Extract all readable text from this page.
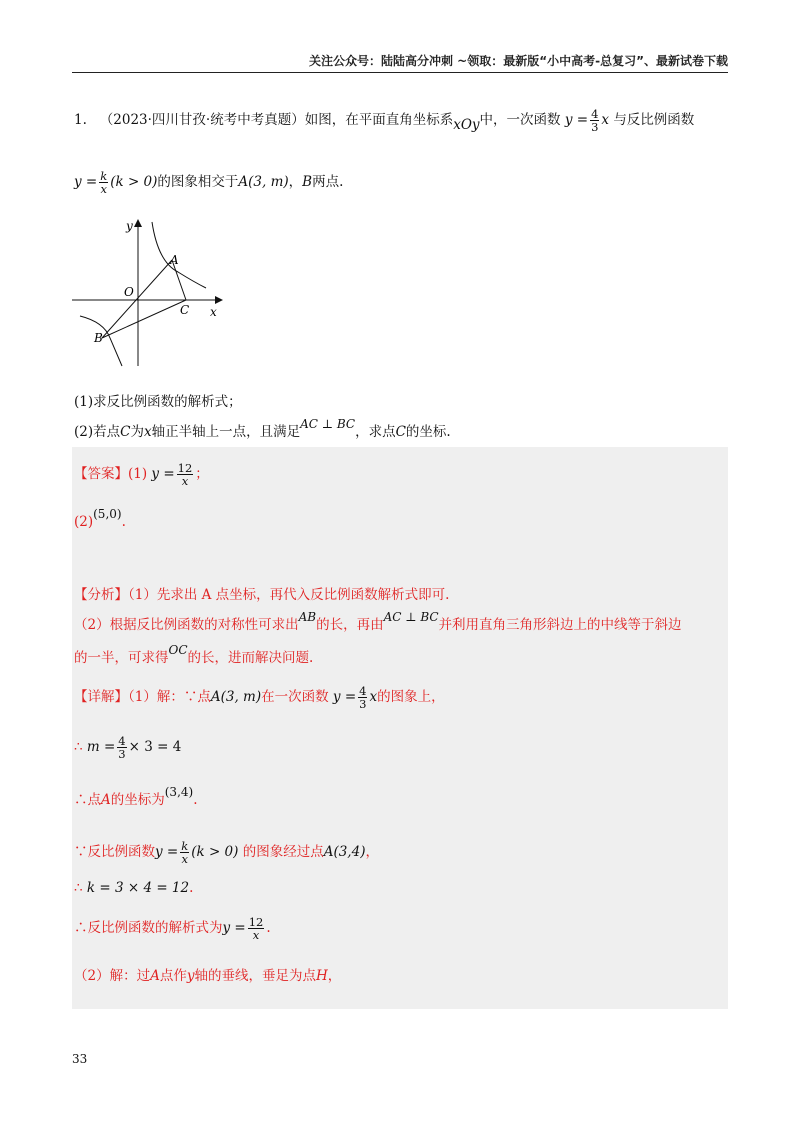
关注公众号：陆陆高分冲刺 ~领取：最新版“小中高考-总复习”、最新试卷下载
1. （2023·四川甘孜·统考中考真题）如图，在平面直角坐标系xOy中，一次函数 $y = \frac{4}{3}$ x 与反比例函数
$y = \frac{k}{x} (k > 0)$的图象相交于A(3, m)，B两点.
y
x
O
A
B
C
(1)求反比例函数的解析式；
(2)若点C为x轴正半轴上一点，且满足AC ⊥ BC，求点C的坐标.
【答案】(1) $y = \frac{12}{x}$ ；
(2)(5,0).
【分析】（1）先求出 A 点坐标，再代入反比例函数解析式即可.
（2）根据反比例函数的对称性可求出AB的长，再由AC ⊥ BC并利用直角三角形斜边上的中线等于斜边
的一半，可求得OC的长，进而解决问题.
【详解】（1）解：∵点A(3, m)在一次函数 $y = \frac{4}{3}$ x的图象上，
∴ $m = \frac{4}{3} \times 3 = 4$
∴点A的坐标为(3,4).
∵反比例函数$y = \frac{k}{x} (k > 0)$ 的图象经过点A(3,4)，
∴ k = 3 × 4 = 12.
∴反比例函数的解析式为$y = \frac{12}{x}$ .
（2）解：过A点作y轴的垂线，垂足为点H，
33
